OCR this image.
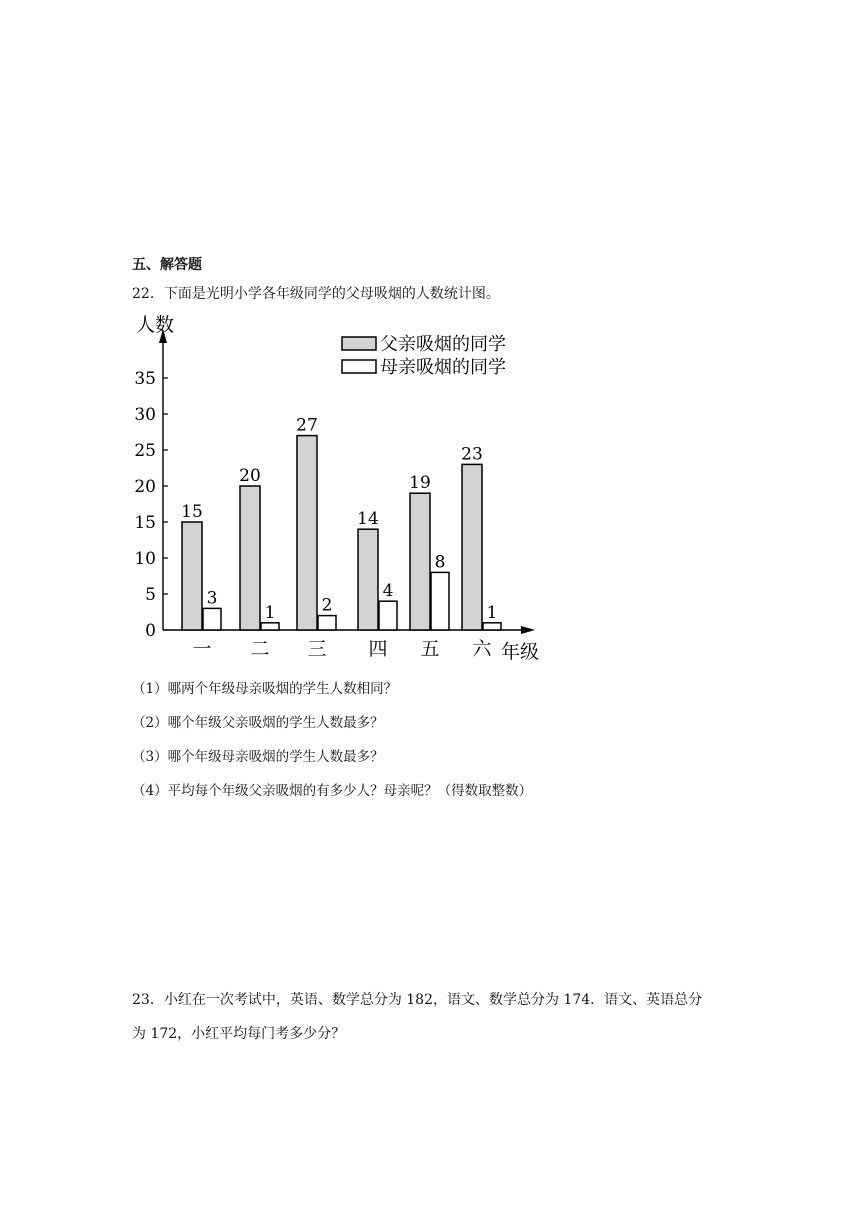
五、解答题
22．下面是光明小学各年级同学的父母吸烟的人数统计图。
0
5
10
15
20
25
30
35
15
3
20
1
27
2
14
4
19
8
23
1
一 二 三 四 五 六
父亲吸烟的同学
母亲吸烟的同学
人数
年级
（1）哪两个年级母亲吸烟的学生人数相同？
（2）哪个年级父亲吸烟的学生人数最多？
（3）哪个年级母亲吸烟的学生人数最多？
（4）平均每个年级父亲吸烟的有多少人？母亲呢？（得数取整数）
23．小红在一次考试中，英语、数学总分为 182，语文、数学总分为 174．语文、英语总分
为 172，小红平均每门考多少分？
